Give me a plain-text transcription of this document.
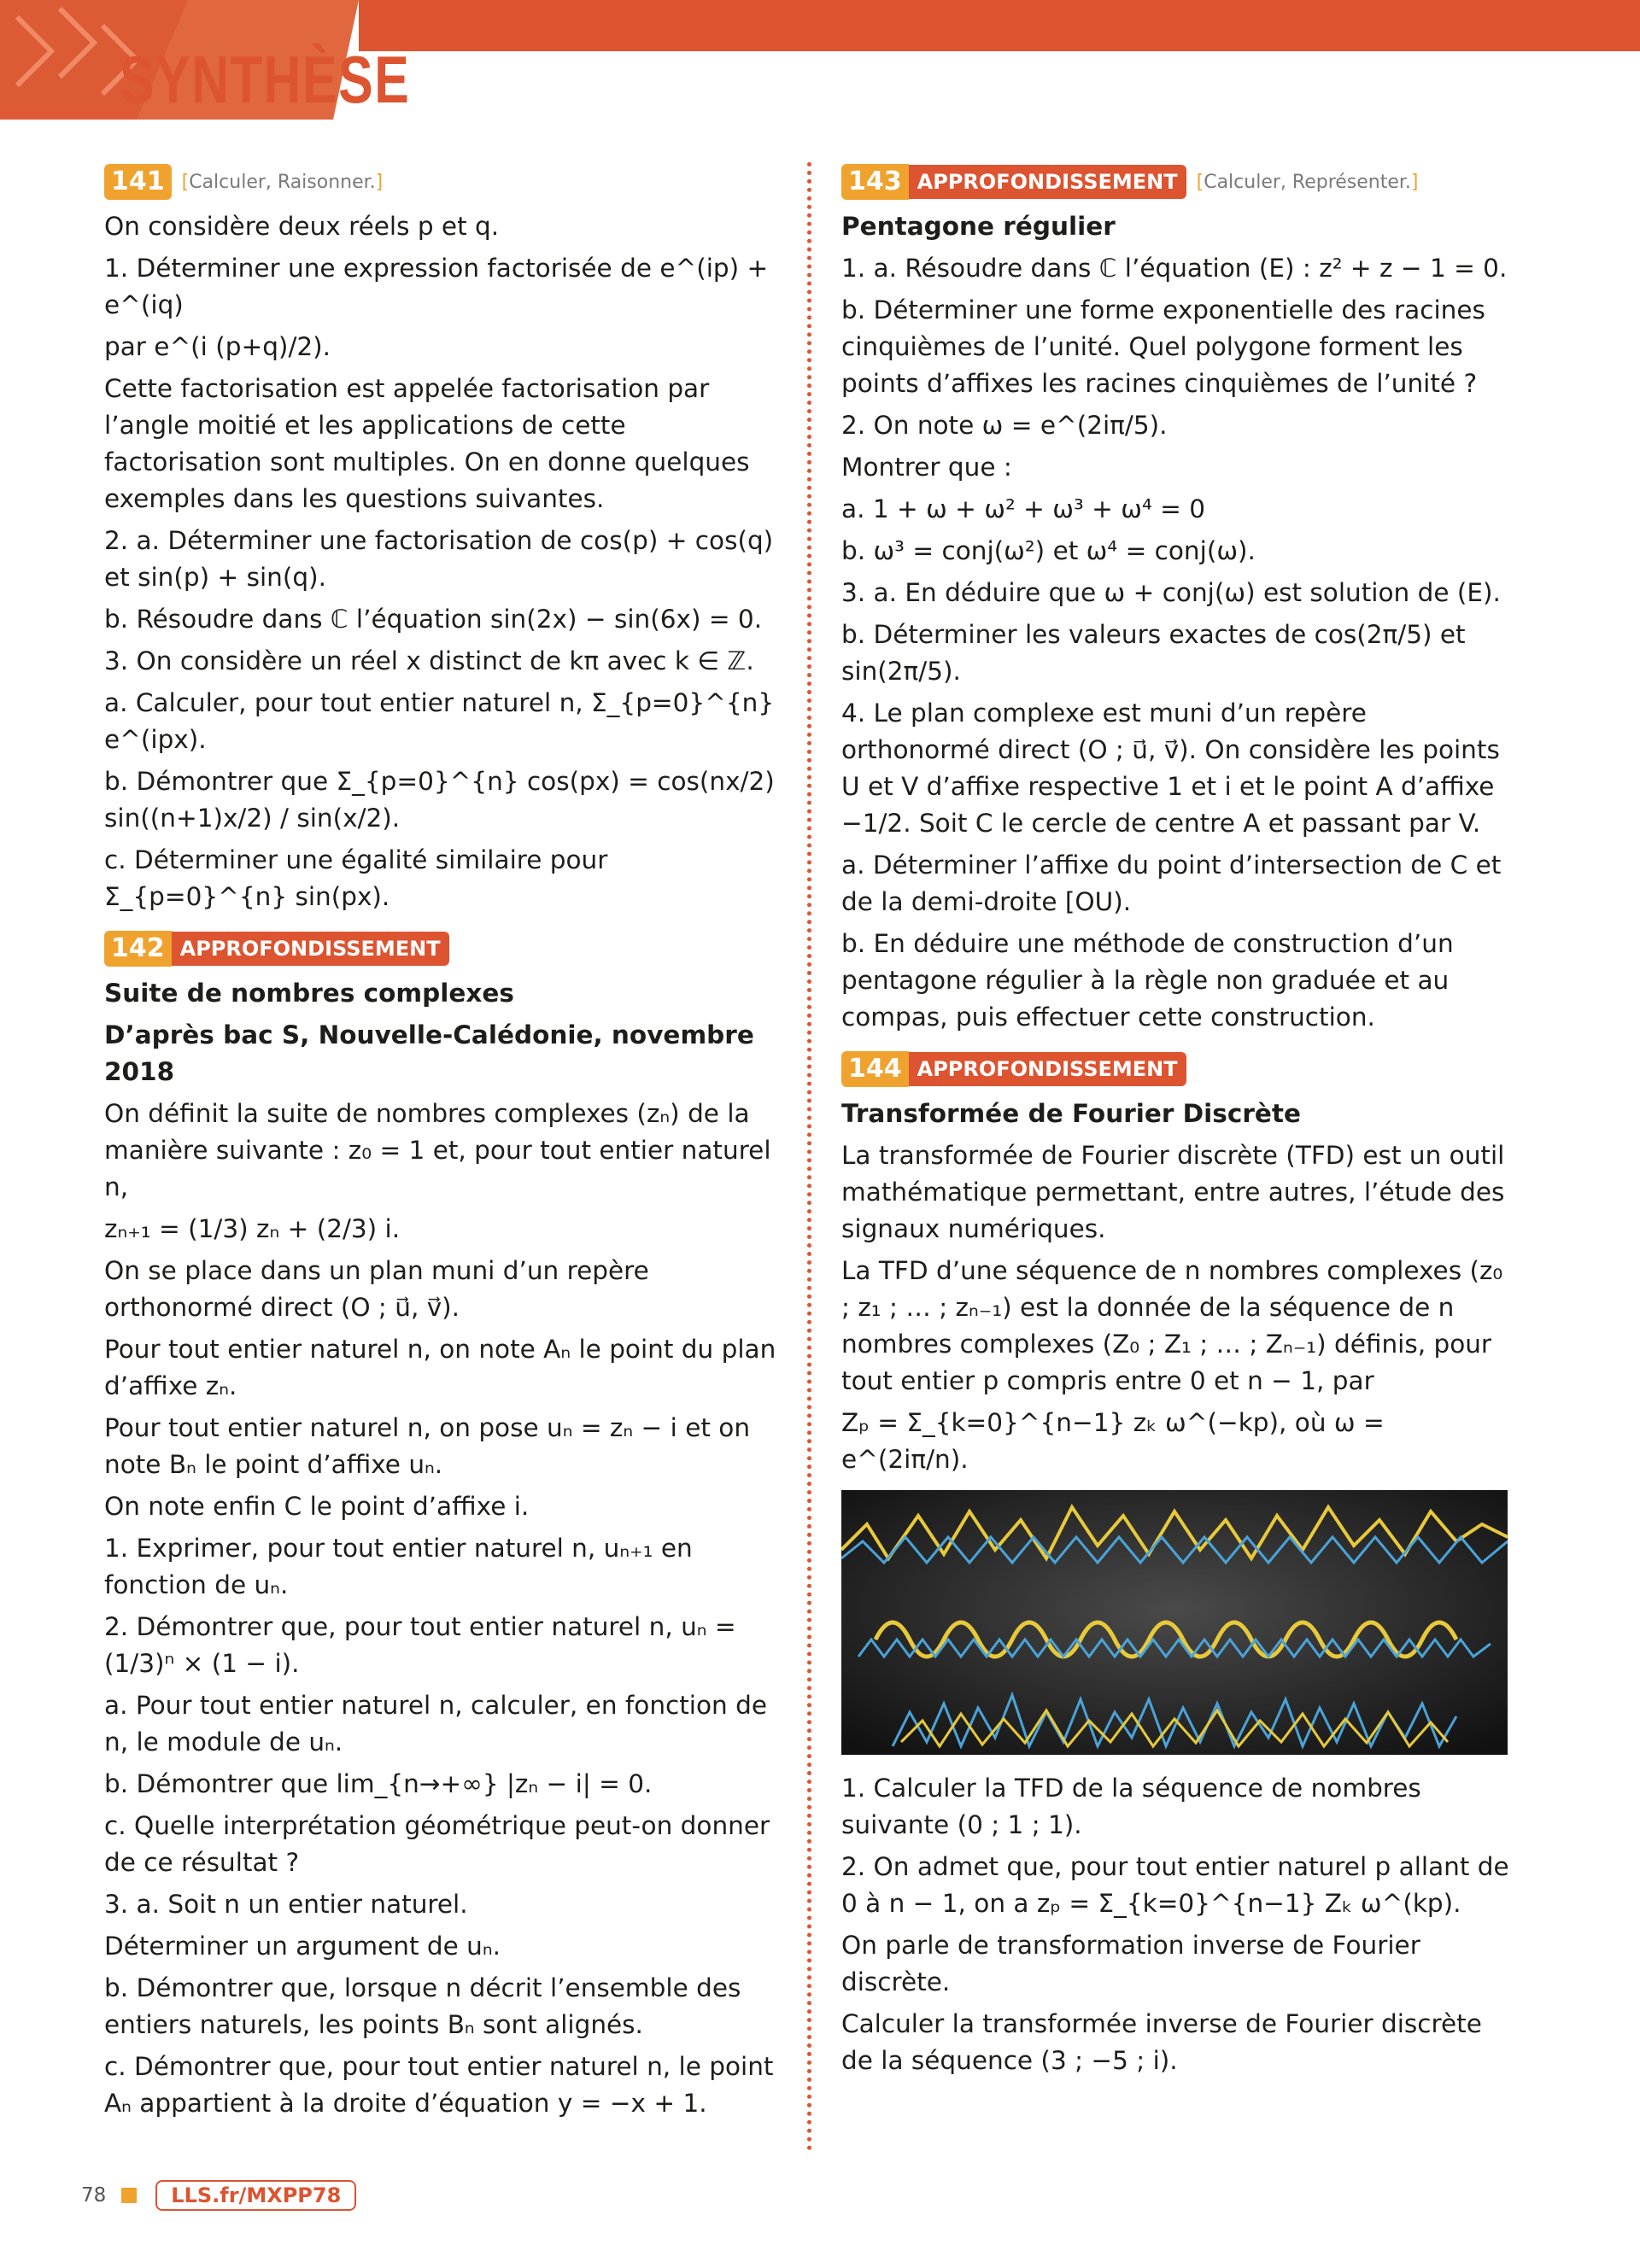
SYNTHÈSE
141 [Calculer, Raisonner.]

On considère deux réels p et q.

1. Déterminer une expression factorisée de e^(ip) + e^(iq)

par e^(i (p+q)/2).

Cette factorisation est appelée factorisation par l’angle moitié et les applications de cette factorisation sont multiples. On en donne quelques exemples dans les questions suivantes.

2. a. Déterminer une factorisation de cos(p) + cos(q) et sin(p) + sin(q).

b. Résoudre dans ℂ l’équation sin(2x) − sin(6x) = 0.

3. On considère un réel x distinct de kπ avec k ∈ ℤ.

a. Calculer, pour tout entier naturel n, Σ_{p=0}^{n} e^(ipx).

b. Démontrer que Σ_{p=0}^{n} cos(px) = cos(nx/2) sin((n+1)x/2) / sin(x/2).

c. Déterminer une égalité similaire pour Σ_{p=0}^{n} sin(px).

142 APPROFONDISSEMENT
Suite de nombres complexes
D’après bac S, Nouvelle-Calédonie, novembre 2018

On définit la suite de nombres complexes (zₙ) de la manière suivante : z₀ = 1 et, pour tout entier naturel n,

zₙ₊₁ = (1/3) zₙ + (2/3) i.

On se place dans un plan muni d’un repère orthonormé direct (O ; u⃗, v⃗).

Pour tout entier naturel n, on note Aₙ le point du plan d’affixe zₙ.

Pour tout entier naturel n, on pose uₙ = zₙ − i et on note Bₙ le point d’affixe uₙ.

On note enfin C le point d’affixe i.

1. Exprimer, pour tout entier naturel n, uₙ₊₁ en fonction de uₙ.

2. Démontrer que, pour tout entier naturel n, uₙ = (1/3)ⁿ × (1 − i).

a. Pour tout entier naturel n, calculer, en fonction de n, le module de uₙ.

b. Démontrer que lim_{n→+∞} |zₙ − i| = 0.

c. Quelle interprétation géométrique peut-on donner de ce résultat ?

3. a. Soit n un entier naturel.

Déterminer un argument de uₙ.

b. Démontrer que, lorsque n décrit l’ensemble des entiers naturels, les points Bₙ sont alignés.

c. Démontrer que, pour tout entier naturel n, le point Aₙ appartient à la droite d’équation y = −x + 1.

143 APPROFONDISSEMENT	[Calculer, Représenter.]
Pentagone régulier

1. a. Résoudre dans ℂ l’équation (E) : z² + z − 1 = 0.

b. Déterminer une forme exponentielle des racines cinquièmes de l’unité. Quel polygone forment les points d’affixes les racines cinquièmes de l’unité ?

2. On note ω = e^(2iπ/5).

Montrer que :

a. 1 + ω + ω² + ω³ + ω⁴ = 0

b. ω³ = conj(ω²) et ω⁴ = conj(ω).

3. a. En déduire que ω + conj(ω) est solution de (E).

b. Déterminer les valeurs exactes de cos(2π/5) et sin(2π/5).

4. Le plan complexe est muni d’un repère orthonormé direct (O ; u⃗, v⃗). On considère les points U et V d’affixe respective 1 et i et le point A d’affixe −1/2. Soit C le cercle de centre A et passant par V.

a. Déterminer l’affixe du point d’intersection de C et de la demi-droite [OU).

b. En déduire une méthode de construction d’un pentagone régulier à la règle non graduée et au compas, puis effectuer cette construction.

144 APPROFONDISSEMENT
Transformée de Fourier Discrète

La transformée de Fourier discrète (TFD) est un outil mathématique permettant, entre autres, l’étude des signaux numériques.

La TFD d’une séquence de n nombres complexes (z₀ ; z₁ ; … ; zₙ₋₁) est la donnée de la séquence de n nombres complexes (Z₀ ; Z₁ ; … ; Zₙ₋₁) définis, pour tout entier p compris entre 0 et n − 1, par

Zₚ = Σ_{k=0}^{n−1} zₖ ω^(−kp), où ω = e^(2iπ/n).

1. Calculer la TFD de la séquence de nombres suivante (0 ; 1 ; 1).

2. On admet que, pour tout entier naturel p allant de 0 à n − 1, on a zₚ = Σ_{k=0}^{n−1} Zₖ ω^(kp).

On parle de transformation inverse de Fourier discrète.

Calculer la transformée inverse de Fourier discrète de la séquence (3 ; −5 ; i).

78	LLS.fr/MXPP78
